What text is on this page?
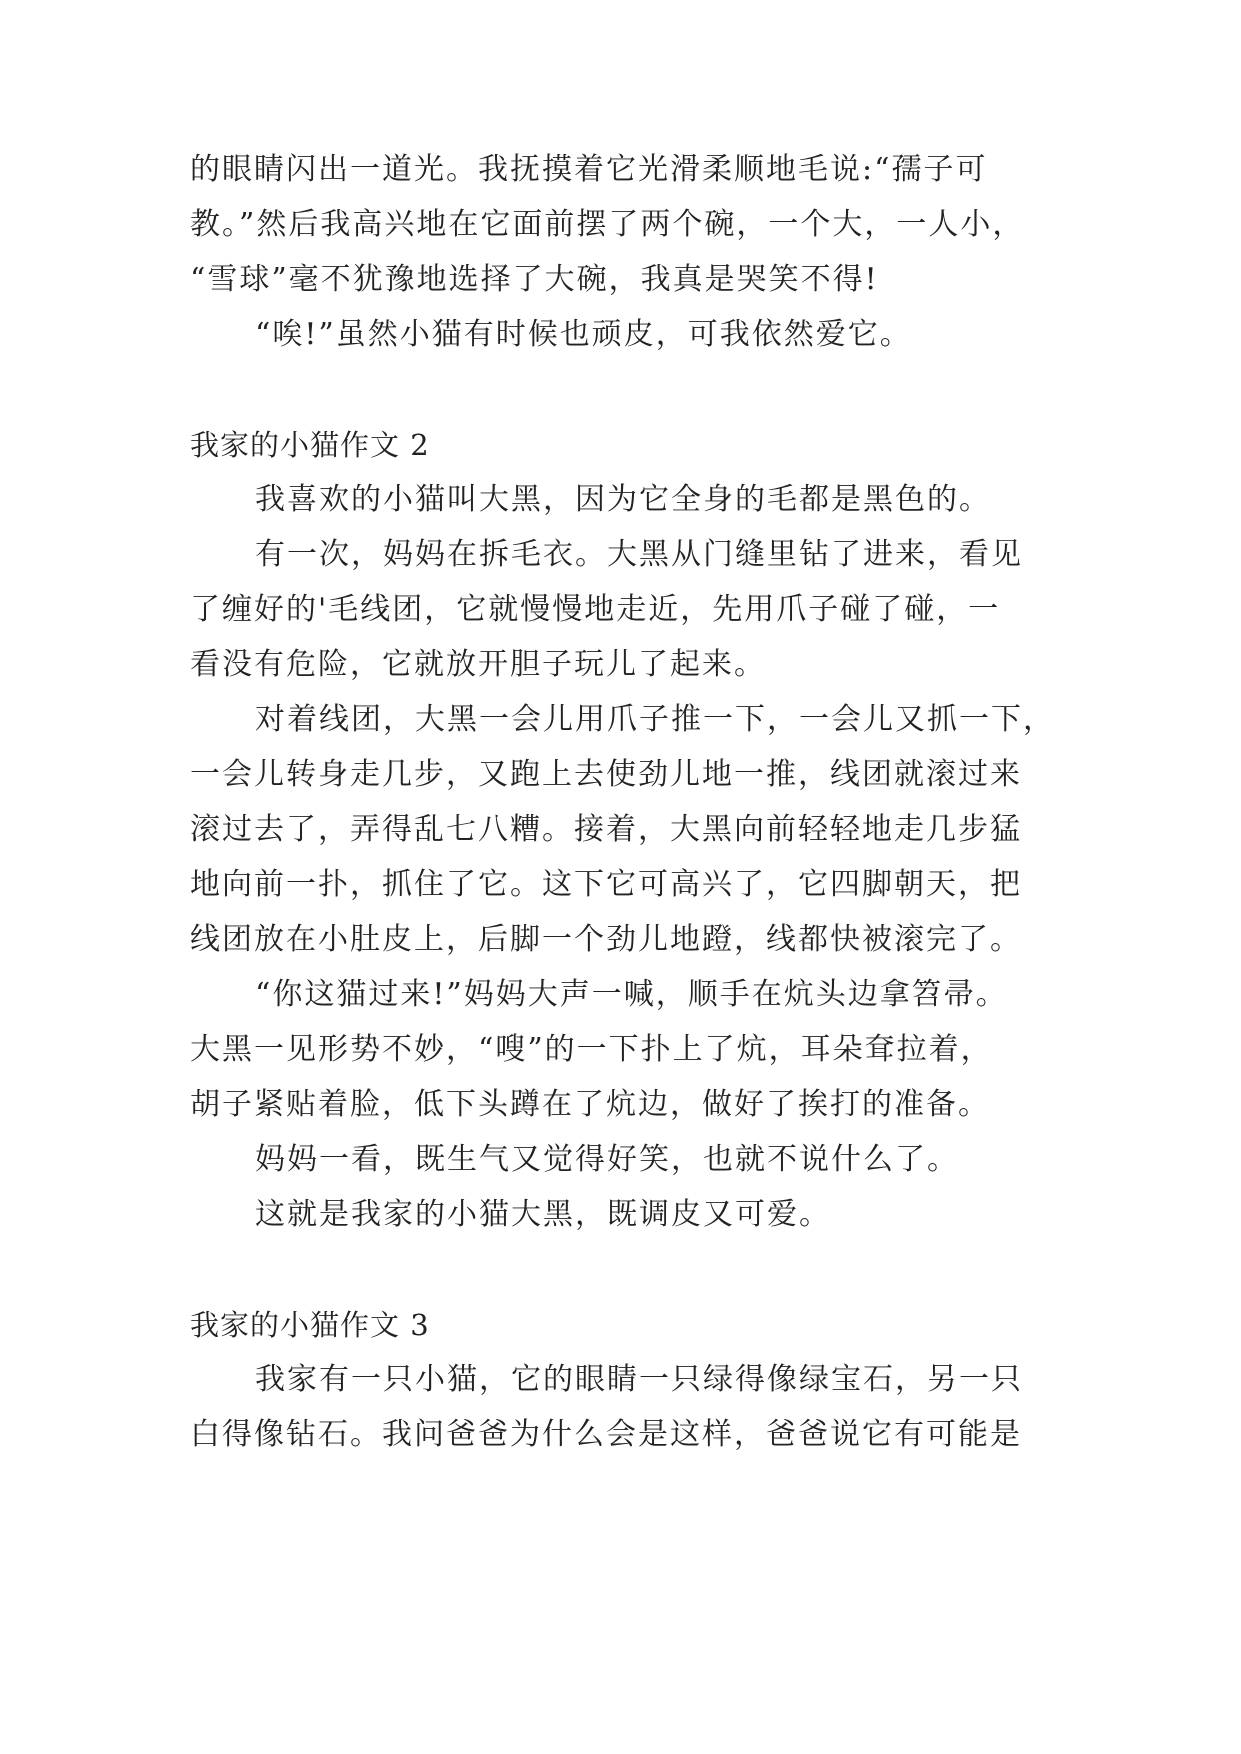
的眼睛闪出一道光。我抚摸着它光滑柔顺地毛说:“孺子可
教。”然后我高兴地在它面前摆了两个碗，一个大，一人小，
“雪球”毫不犹豫地选择了大碗，我真是哭笑不得!
“唉!”虽然小猫有时候也顽皮，可我依然爱它。
我家的小猫作文 2
我喜欢的小猫叫大黑，因为它全身的毛都是黑色的。
有一次，妈妈在拆毛衣。大黑从门缝里钻了进来，看见
了缠好的'毛线团，它就慢慢地走近，先用爪子碰了碰，一
看没有危险，它就放开胆子玩儿了起来。
对着线团，大黑一会儿用爪子推一下，一会儿又抓一下，
一会儿转身走几步，又跑上去使劲儿地一推，线团就滚过来
滚过去了，弄得乱七八糟。接着，大黑向前轻轻地走几步猛
地向前一扑，抓住了它。这下它可高兴了，它四脚朝天，把
线团放在小肚皮上，后脚一个劲儿地蹬，线都快被滚完了。
“你这猫过来!”妈妈大声一喊，顺手在炕头边拿笤帚。
大黑一见形势不妙，“嗖”的一下扑上了炕，耳朵耷拉着，
胡子紧贴着脸，低下头蹲在了炕边，做好了挨打的准备。
妈妈一看，既生气又觉得好笑，也就不说什么了。
这就是我家的小猫大黑，既调皮又可爱。
我家的小猫作文 3
我家有一只小猫，它的眼睛一只绿得像绿宝石，另一只
白得像钻石。我问爸爸为什么会是这样，爸爸说它有可能是
